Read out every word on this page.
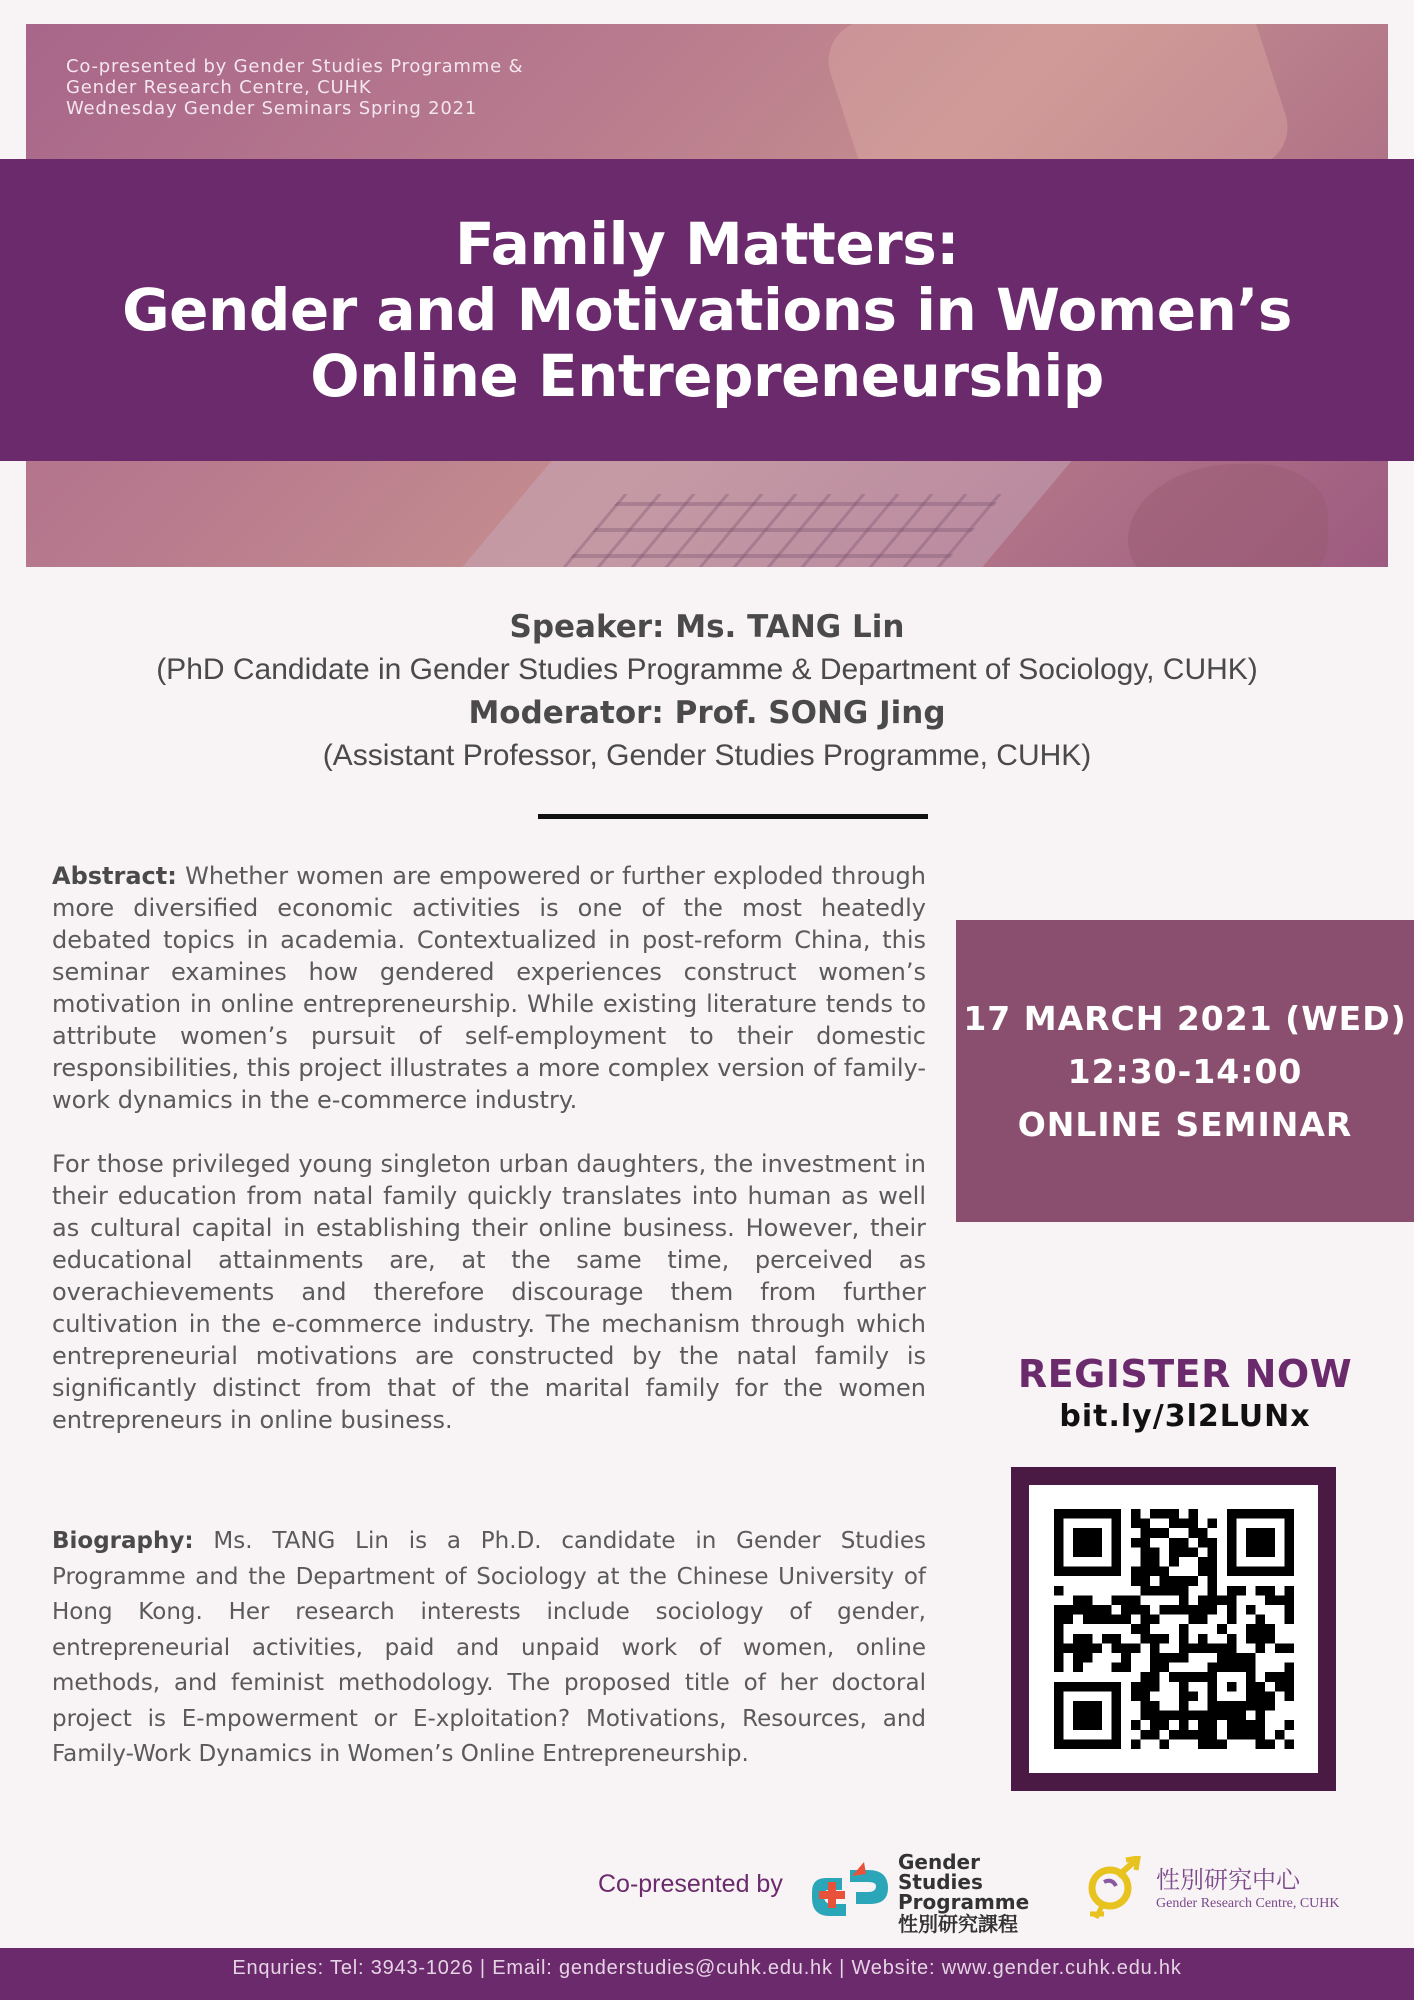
Co-presented by Gender Studies Programme &
Gender Research Centre, CUHK
Wednesday Gender Seminars Spring 2021
Family Matters:
Gender and Motivations in Women’s
Online Entrepreneurship
Speaker: Ms. TANG Lin
(PhD Candidate in Gender Studies Programme & Department of Sociology, CUHK)
Moderator: Prof. SONG Jing
(Assistant Professor, Gender Studies Programme, CUHK)

Abstract: Whether women are empowered or further exploded through more diversified economic activities is one of the most heatedly debated topics in academia. Contextualized in post-reform China, this seminar examines how gendered experiences construct women’s motivation in online entrepreneurship. While existing literature tends to attribute women’s pursuit of self-employment to their domestic responsibilities, this project illustrates a more complex version of family-work dynamics in the e-commerce industry.

For those privileged young singleton urban daughters, the investment in their education from natal family quickly translates into human as well as cultural capital in establishing their online business. However, their educational attainments are, at the same time, perceived as overachievements and therefore discourage them from further cultivation in the e-commerce industry. The mechanism through which entrepreneurial motivations are constructed by the natal family is significantly distinct from that of the marital family for the women entrepreneurs in online business.

Biography: Ms. TANG Lin is a Ph.D. candidate in Gender Studies Programme and the Department of Sociology at the Chinese University of Hong Kong. Her research interests include sociology of gender, entrepreneurial activities, paid and unpaid work of women, online methods, and feminist methodology. The proposed title of her doctoral project is E-mpowerment or E-xploitation? Motivations, Resources, and Family-Work Dynamics in Women’s Online Entrepreneurship.

17 MARCH 2021 (WED)
12:30-14:00
ONLINE SEMINAR
REGISTER NOW
bit.ly/3l2LUNx
Co-presented by
Gender Studies
Programme
性別研究課程
性別研究中心
Gender Research Centre, CUHK
Enquries: Tel: 3943-1026 | Email: genderstudies@cuhk.edu.hk | Website: www.gender.cuhk.edu.hk
